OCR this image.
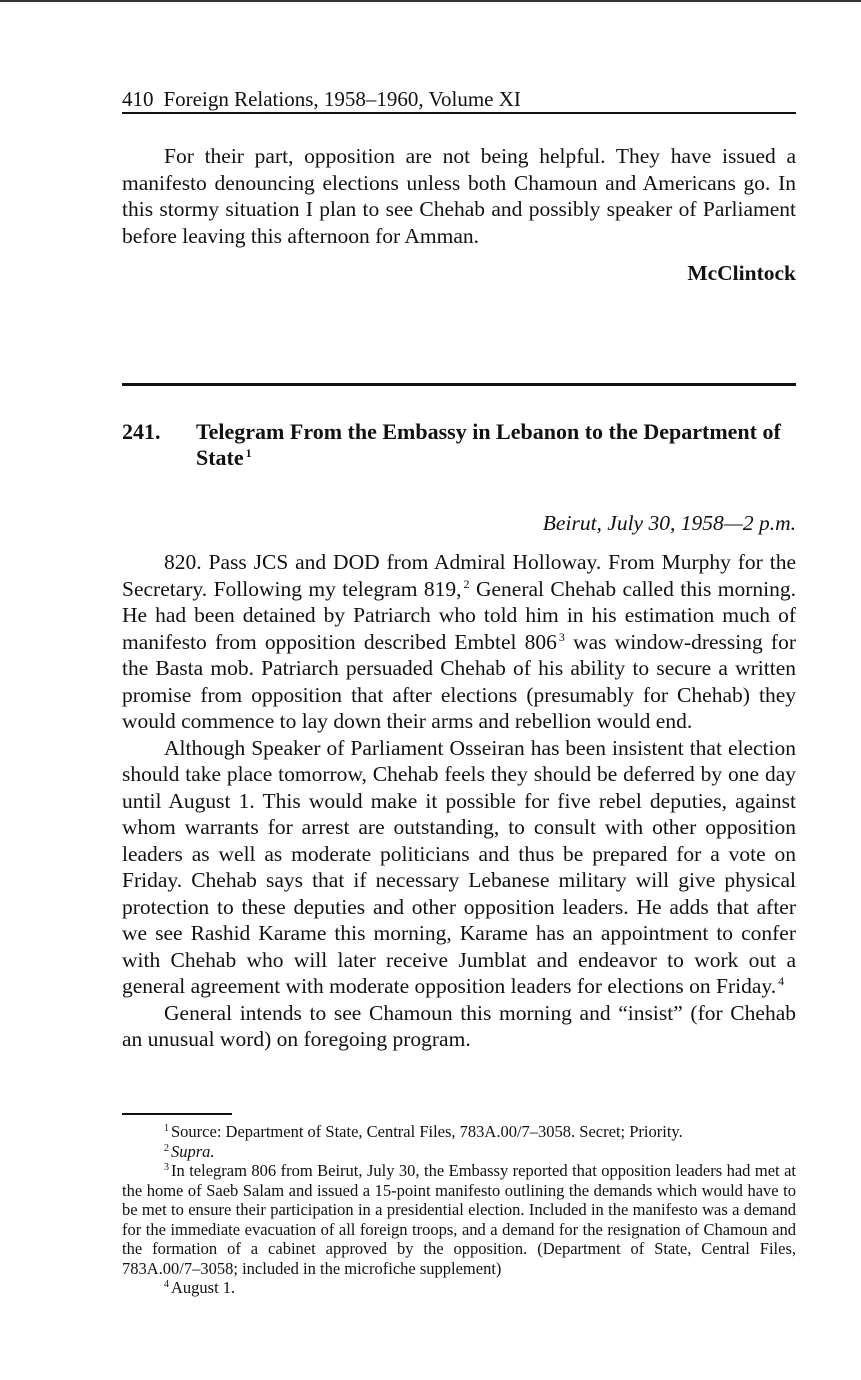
410 Foreign Relations, 1958–1960, Volume XI

For their part, opposition are not being helpful. They have issued a manifesto denouncing elections unless both Chamoun and Americans go. In this stormy situation I plan to see Chehab and possibly speaker of Parliament before leaving this afternoon for Amman.

McClintock
241. Telegram From the Embassy in Lebanon to the Department of State $^1$
Beirut, July 30, 1958—2 p.m.

820. Pass JCS and DOD from Admiral Holloway. From Murphy for the Secretary. Following my telegram 819, $^2$ General Chehab called this morning. He had been detained by Patriarch who told him in his estimation much of manifesto from opposition described Embtel 806 $^3$ was window-dressing for the Basta mob. Patriarch persuaded Chehab of his ability to secure a written promise from opposition that after elections (presumably for Chehab) they would commence to lay down their arms and rebellion would end.

Although Speaker of Parliament Osseiran has been insistent that election should take place tomorrow, Chehab feels they should be deferred by one day until August 1. This would make it possible for five rebel deputies, against whom warrants for arrest are outstanding, to consult with other opposition leaders as well as moderate politicians and thus be prepared for a vote on Friday. Chehab says that if necessary Lebanese military will give physical protection to these deputies and other opposition leaders. He adds that after we see Rashid Karame this morning, Karame has an appointment to confer with Chehab who will later receive Jumblat and endeavor to work out a general agreement with moderate opposition leaders for elections on Friday. $^4$

General intends to see Chamoun this morning and “insist” (for Chehab an unusual word) on foregoing program.

$^1$ Source: Department of State, Central Files, 783A.00/7–3058. Secret; Priority.

$^2$ Supra.

$^3$ In telegram 806 from Beirut, July 30, the Embassy reported that opposition leaders had met at the home of Saeb Salam and issued a 15-point manifesto outlining the demands which would have to be met to ensure their participation in a presidential election. Included in the manifesto was a demand for the immediate evacuation of all foreign troops, and a demand for the resignation of Chamoun and the formation of a cabinet approved by the opposition. (Department of State, Central Files, 783A.00/7–3058; included in the microfiche supplement)

$^4$ August 1.
